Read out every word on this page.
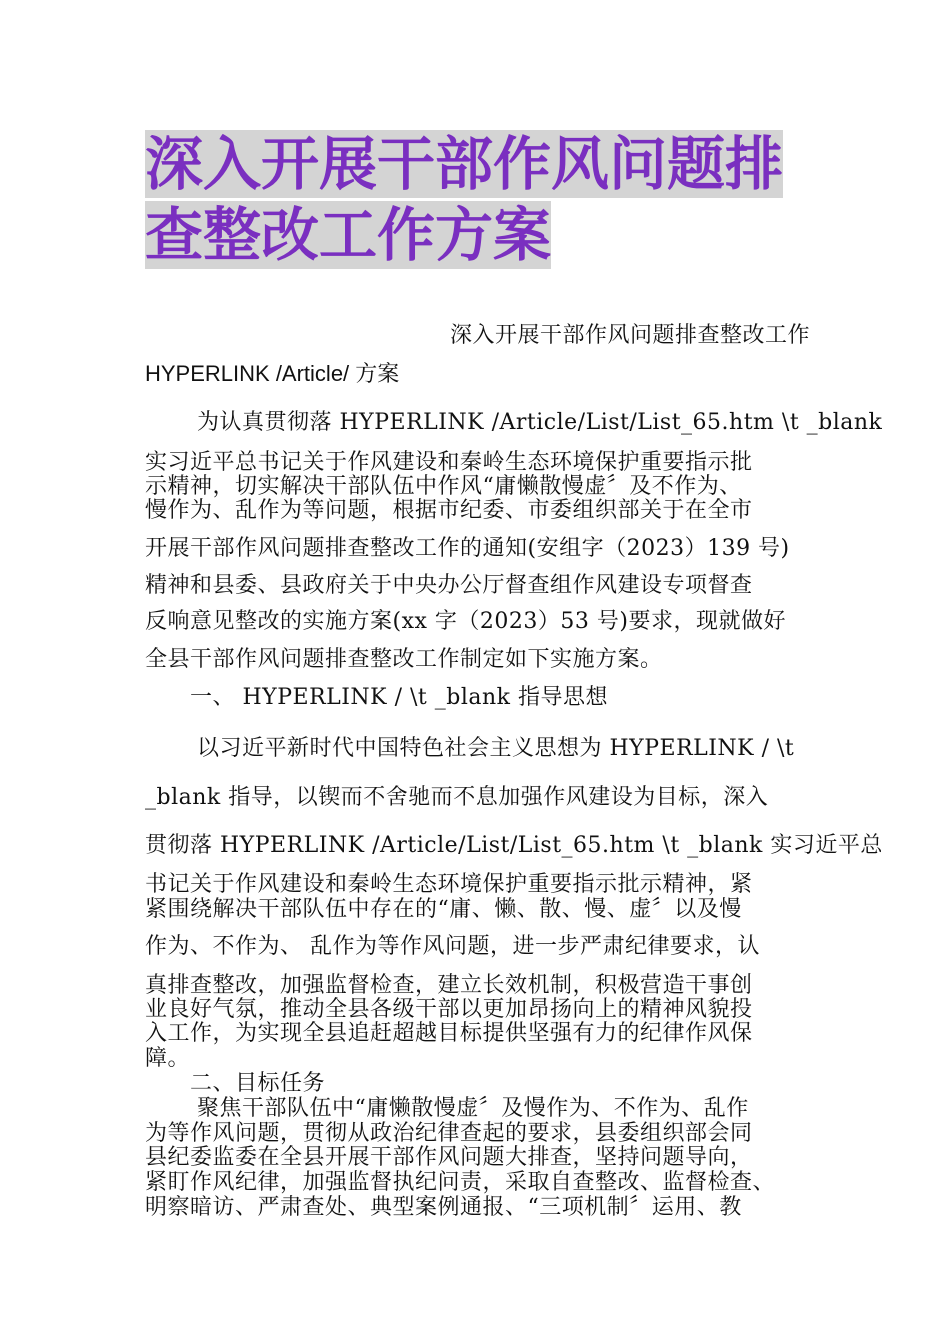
深入开展干部作风问题排
查整改工作方案

深入开展干部作风问题排查整改工作

HYPERLINK /Article/ 方案

为认真贯彻落 HYPERLINK /Article/List/List_65.htm \t _blank

实习近平总书记关于作风建设和秦岭生态环境保护重要指示批

示精神，切实解决干部队伍中作风“庸懒散慢虚〞及不作为、

慢作为、乱作为等问题，根据市纪委、市委组织部关于在全市

开展干部作风问题排查整改工作的通知(安组字（2023）139 号)

精神和县委、县政府关于中央办公厅督查组作风建设专项督查

反响意见整改的实施方案(xx 字（2023）53 号)要求，现就做好

全县干部作风问题排查整改工作制定如下实施方案。

一、 HYPERLINK / \t _blank 指导思想

以习近平新时代中国特色社会主义思想为 HYPERLINK / \t

_blank 指导，以锲而不舍驰而不息加强作风建设为目标，深入

贯彻落 HYPERLINK /Article/List/List_65.htm \t _blank 实习近平总

书记关于作风建设和秦岭生态环境保护重要指示批示精神，紧

紧围绕解决干部队伍中存在的“庸、懒、散、慢、虚〞以及慢

作为、不作为、 乱作为等作风问题，进一步严肃纪律要求，认

真排查整改，加强监督检查，建立长效机制，积极营造干事创

业良好气氛，推动全县各级干部以更加昂扬向上的精神风貌投

入工作，为实现全县追赶超越目标提供坚强有力的纪律作风保

障。

二、目标任务

聚焦干部队伍中“庸懒散慢虚〞及慢作为、不作为、乱作

为等作风问题，贯彻从政治纪律查起的要求，县委组织部会同

县纪委监委在全县开展干部作风问题大排查，坚持问题导向，

紧盯作风纪律，加强监督执纪问责，采取自查整改、监督检查、

明察暗访、严肃查处、典型案例通报、“三项机制〞运用、教
